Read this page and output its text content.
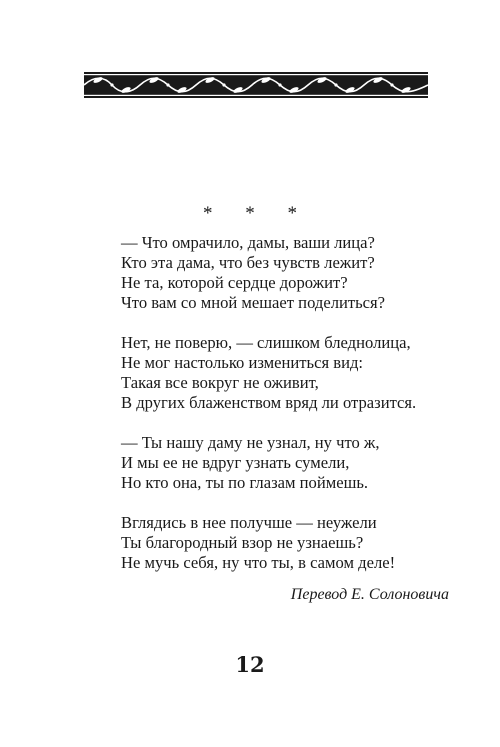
* * *
— Что омрачило, дамы, ваши лица?
Кто эта дама, что без чувств лежит?
Не та, которой сердце дорожит?
Что вам со мной мешает поделиться?
Нет, не поверю, — слишком бледнолица,
Не мог настолько измениться вид:
Такая все вокруг не оживит,
В других блаженством вряд ли отразится.
— Ты нашу даму не узнал, ну что ж,
И мы ее не вдруг узнать сумели,
Но кто она, ты по глазам поймешь.
Вглядись в нее получше — неужели
Ты благородный взор не узнаешь?
Не мучь себя, ну что ты, в самом деле!
Перевод Е. Солоновича
12
